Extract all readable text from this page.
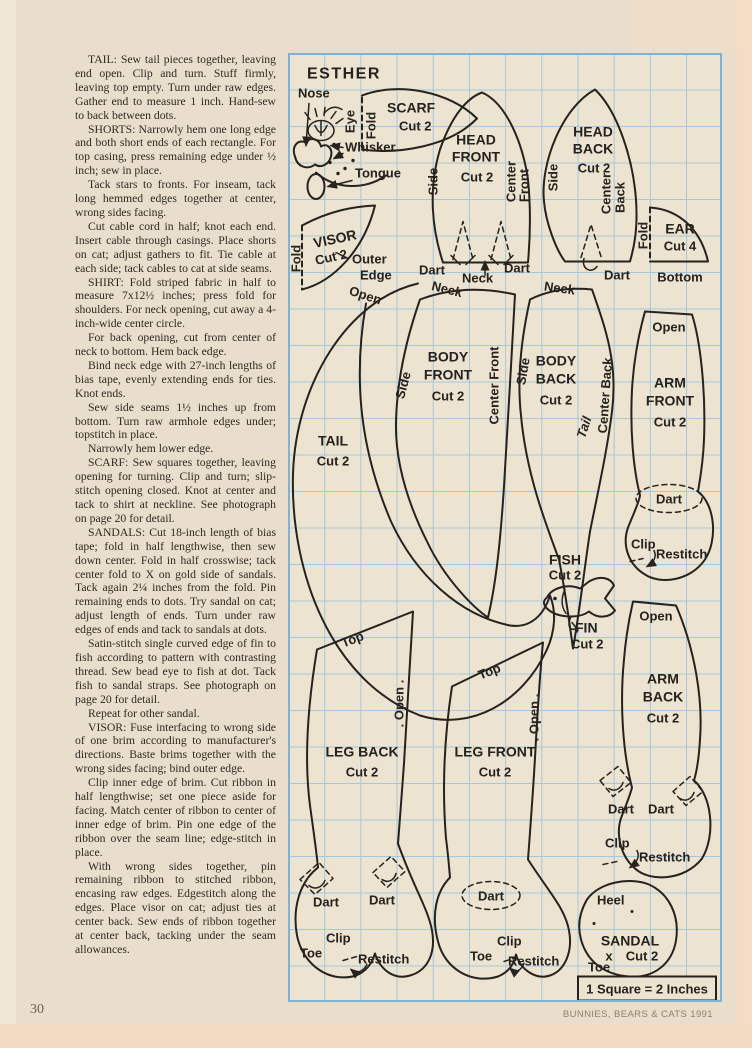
TAIL: Sew tail pieces together, leaving end open. Clip and turn. Stuff firmly, leaving top empty. Turn under raw edges. Gather end to measure 1 inch. Hand-sew to back between dots.

SHORTS: Narrowly hem one long edge and both short ends of each rectangle. For top casing, press remaining edge under ½ inch; sew in place.

Tack stars to fronts. For inseam, tack long hemmed edges together at center, wrong sides facing.

Cut cable cord in half; knot each end. Insert cable through casings. Place shorts on cat; adjust gathers to fit. Tie cable at each side; tack cables to cat at side seams.

SHIRT: Fold striped fabric in half to measure 7x12½ inches; press fold for shoulders. For neck opening, cut away a 4-inch-wide center circle.

For back opening, cut from center of neck to bottom. Hem back edge.

Bind neck edge with 27-inch lengths of bias tape, evenly extending ends for ties. Knot ends.

Sew side seams 1½ inches up from bottom. Turn raw armhole edges under; topstitch in place.

Narrowly hem lower edge.

SCARF: Sew squares together, leaving opening for turning. Clip and turn; slip-stitch opening closed. Knot at center and tack to shirt at neckline. See photograph on page 20 for detail.

SANDALS: Cut 18-inch length of bias tape; fold in half lengthwise, then sew down center. Fold in half crosswise; tack center fold to X on gold side of sandals. Tack again 2¼ inches from the fold. Pin remaining ends to dots. Try sandal on cat; adjust length of ends. Turn under raw edges of ends and tack to sandals at dots.

Satin-stitch single curved edge of fin to fish according to pattern with contrasting thread. Sew bead eye to fish at dot. Tack fish to sandal straps. See photograph on page 20 for detail.

Repeat for other sandal.

VISOR: Fuse interfacing to wrong side of one brim according to manufacturer's directions. Baste brims together with the wrong sides facing; bind outer edge.

Clip inner edge of brim. Cut ribbon in half lengthwise; set one piece aside for facing. Match center of ribbon to center of inner edge of brim. Pin one edge of the ribbon over the seam line; edge-stitch in place.

With wrong sides together, pin remaining ribbon to stitched ribbon, encasing raw edges. Edgestitch along the edges. Place visor on cat; adjust ties at center back. Sew ends of ribbon together at center back, tacking under the seam allowances.

ESTHER
Nose
Eye
Whisker
Tongue
Fold
SCARF
Cut 2
Fold
VISOR
Cut 2 Outer
Edge
HEAD
FRONT
Cut 2
Side	Center
Front
Dart
Neck
Dart
HEAD
BACK
Cut 2
Side	Center Back
Dart
Fold EAR
Cut 4
Bottom
Open
TAIL
Cut 2
Neck
BODY
FRONT
Cut 2
Side	Center Front
Neck
BODY
BACK
Cut 2
Side	Center Back
Tail
Open
ARM
FRONT
Cut 2
Dart
Clip
Restitch
FISH
Cut 2
FIN
Cut 2
Open
ARM
BACK
Cut 2
Dart Dart
Clip
Restitch
Dart Dart
Clip
Toe	Restitch
Top
. Open .
LEG BACK
Cut 2
Dart
Toe
Clip
Restitch
Top
. Open .
LEG FRONT
Cut 2
Heel
SANDAL
Cut 2
x
Toe
1 Square = 2 Inches
30	BUNNIES, BEARS & CATS 1991
